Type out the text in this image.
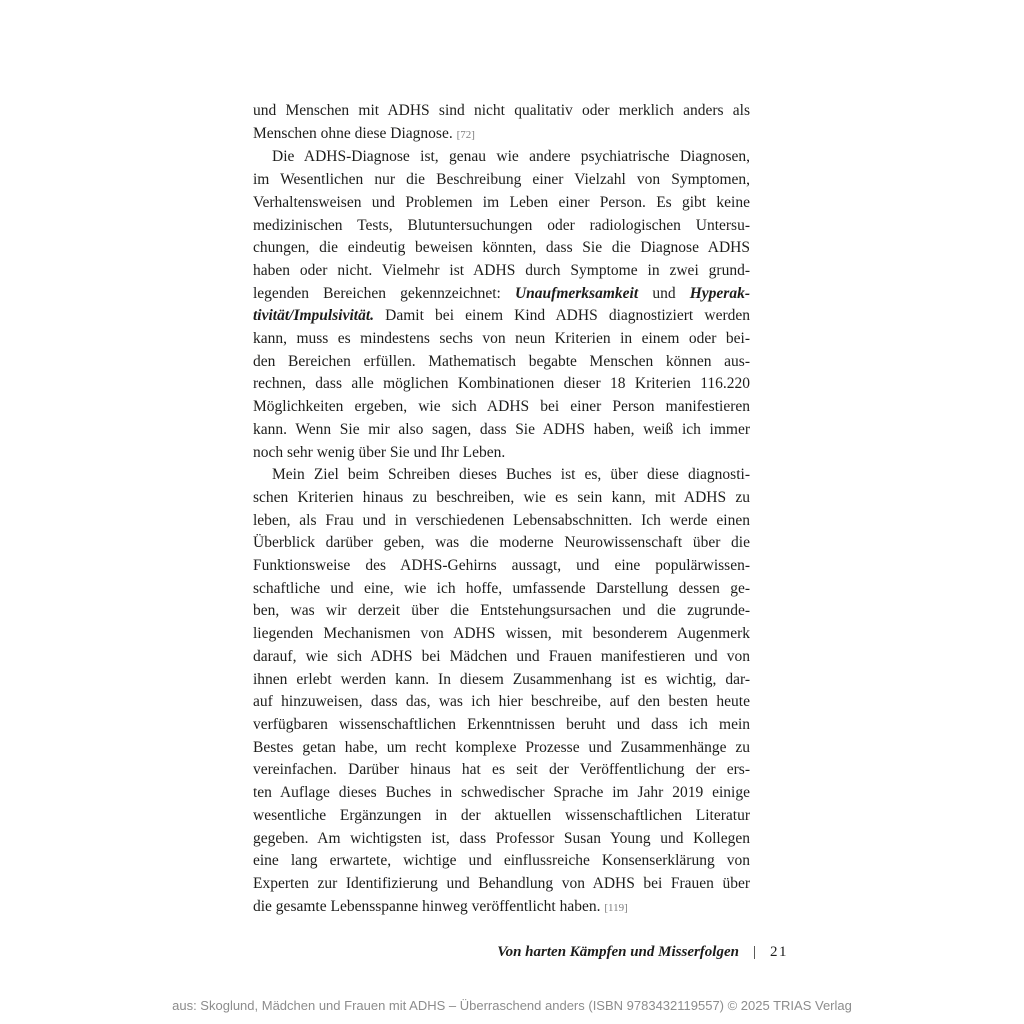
und Menschen mit ADHS sind nicht qualitativ oder merklich anders als
Menschen ohne diese Diagnose. [72]
Die ADHS-Diagnose ist, genau wie andere psychiatrische Diagnosen,
im Wesentlichen nur die Beschreibung einer Vielzahl von Symptomen,
Verhaltensweisen und Problemen im Leben einer Person. Es gibt keine
medizinischen Tests, Blutuntersuchungen oder radiologischen Untersu-
chungen, die eindeutig beweisen könnten, dass Sie die Diagnose ADHS
haben oder nicht. Vielmehr ist ADHS durch Symptome in zwei grund-
legenden Bereichen gekennzeichnet: Unaufmerksamkeit und Hyperak-
tivität/Impulsivität. Damit bei einem Kind ADHS diagnostiziert werden
kann, muss es mindestens sechs von neun Kriterien in einem oder bei-
den Bereichen erfüllen. Mathematisch begabte Menschen können aus-
rechnen, dass alle möglichen Kombinationen dieser 18 Kriterien 116.220
Möglichkeiten ergeben, wie sich ADHS bei einer Person manifestieren
kann. Wenn Sie mir also sagen, dass Sie ADHS haben, weiß ich immer
noch sehr wenig über Sie und Ihr Leben.
Mein Ziel beim Schreiben dieses Buches ist es, über diese diagnosti-
schen Kriterien hinaus zu beschreiben, wie es sein kann, mit ADHS zu
leben, als Frau und in verschiedenen Lebensabschnitten. Ich werde einen
Überblick darüber geben, was die moderne Neurowissenschaft über die
Funktionsweise des ADHS-Gehirns aussagt, und eine populärwissen-
schaftliche und eine, wie ich hoffe, umfassende Darstellung dessen ge-
ben, was wir derzeit über die Entstehungsursachen und die zugrunde-
liegenden Mechanismen von ADHS wissen, mit besonderem Augenmerk
darauf, wie sich ADHS bei Mädchen und Frauen manifestieren und von
ihnen erlebt werden kann. In diesem Zusammenhang ist es wichtig, dar-
auf hinzuweisen, dass das, was ich hier beschreibe, auf den besten heute
verfügbaren wissenschaftlichen Erkenntnissen beruht und dass ich mein
Bestes getan habe, um recht komplexe Prozesse und Zusammenhänge zu
vereinfachen. Darüber hinaus hat es seit der Veröffentlichung der ers-
ten Auflage dieses Buches in schwedischer Sprache im Jahr 2019 einige
wesentliche Ergänzungen in der aktuellen wissenschaftlichen Literatur
gegeben. Am wichtigsten ist, dass Professor Susan Young und Kollegen
eine lang erwartete, wichtige und einflussreiche Konsenserklärung von
Experten zur Identifizierung und Behandlung von ADHS bei Frauen über
die gesamte Lebensspanne hinweg veröffentlicht haben. [119]
Von harten Kämpfen und Misserfolgen | 21
aus: Skoglund, Mädchen und Frauen mit ADHS – Überraschend anders (ISBN 9783432119557) © 2025 TRIAS Verlag
